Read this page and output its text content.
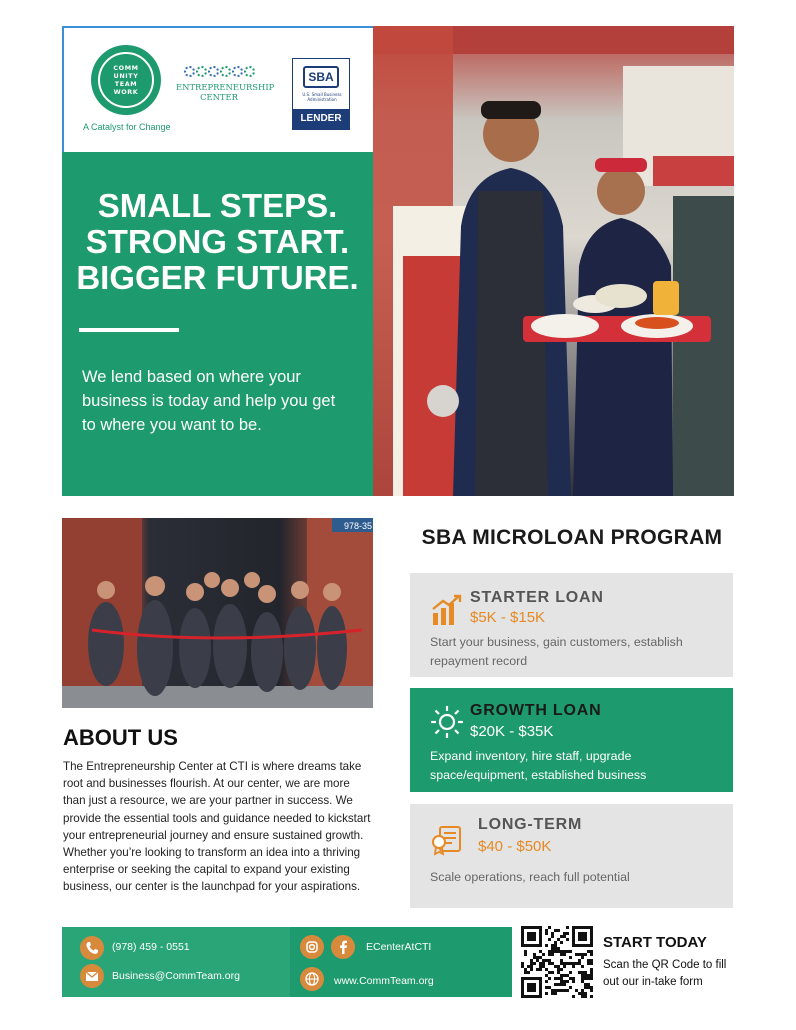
COMM
UNITY
TEAM
WORK
A Catalyst for Change
ENTREPRENEURSHIP
CENTER
SBA
U.S. Small Business Administration
LENDER
SMALL STEPS.
STRONG START.
BIGGER FUTURE.
We lend based on where your business is today and help you get to where you want to be.
978-35	SBA MICROLOAN PROGRAM
STARTER LOAN
$5K - $15K
Start your business, gain customers, establish repayment record
GROWTH LOAN
$20K - $35K
Expand inventory, hire staff, upgrade space/equipment, established business
LONG-TERM
$40 - $50K
Scale operations, reach full potential
ABOUT US
The Entrepreneurship Center at CTI is where dreams take root and businesses flourish. At our center, we are more than just a resource, we are your partner in success. We provide the essential tools and guidance needed to kickstart your entrepreneurial journey and ensure sustained growth. Whether you’re looking to transform an idea into a thriving enterprise or seeking the capital to expand your existing business, our center is the launchpad for your aspirations.
(978) 459 - 0551
Business@CommTeam.org
ECenterAtCTI
www.CommTeam.org
START TODAY
Scan the QR Code to fill out our in-take form
